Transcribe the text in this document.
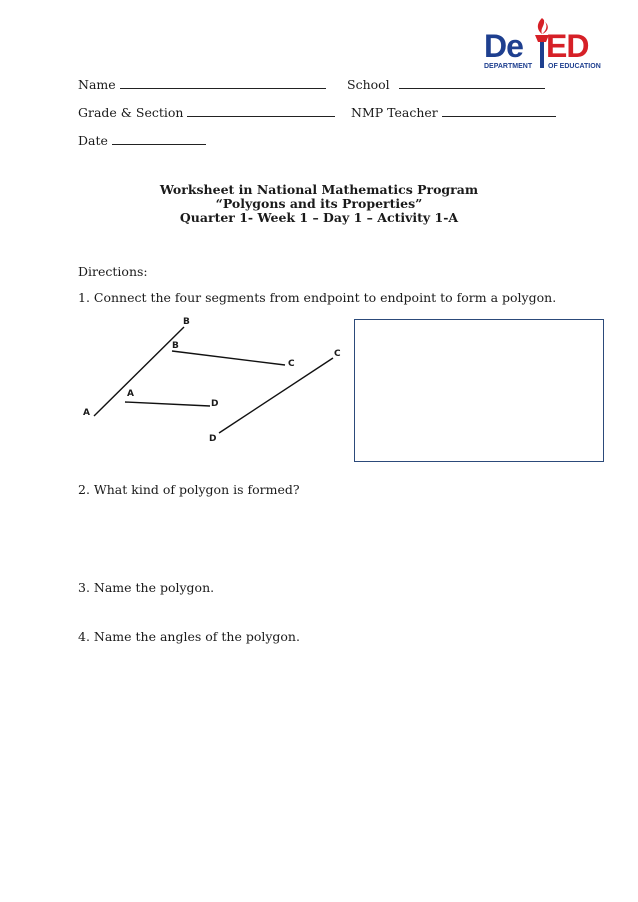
De ED
DEPARTMENT OF EDUCATION
Name	School
Grade & Section	NMP Teacher
Date
Worksheet in National Mathematics Program
“Polygons and its Properties”
Quarter 1- Week 1 – Day 1 – Activity 1-A
Directions:
1. Connect the four segments from endpoint to endpoint to form a polygon.
A
B
B
C
A
D
D
C
2. What kind of polygon is formed?
3. Name the polygon.
4. Name the angles of the polygon.
